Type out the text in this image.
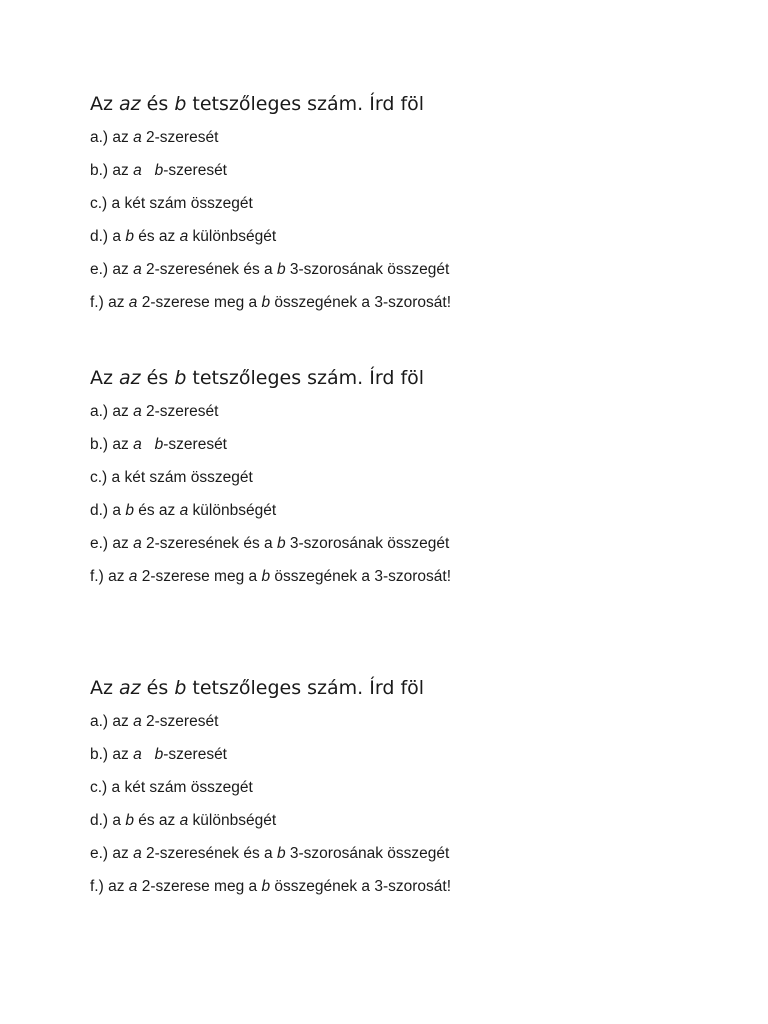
Az az és b tetszőleges szám. Írd föl
a.) az a 2-szeresét
b.) az a b-szeresét
c.) a két szám összegét
d.) a b és az a különbségét
e.) az a 2-szeresének és a b 3-szorosának összegét
f.) az a 2-szerese meg a b összegének a 3-szorosát!
Az az és b tetszőleges szám. Írd föl
a.) az a 2-szeresét
b.) az a b-szeresét
c.) a két szám összegét
d.) a b és az a különbségét
e.) az a 2-szeresének és a b 3-szorosának összegét
f.) az a 2-szerese meg a b összegének a 3-szorosát!
Az az és b tetszőleges szám. Írd föl
a.) az a 2-szeresét
b.) az a b-szeresét
c.) a két szám összegét
d.) a b és az a különbségét
e.) az a 2-szeresének és a b 3-szorosának összegét
f.) az a 2-szerese meg a b összegének a 3-szorosát!
